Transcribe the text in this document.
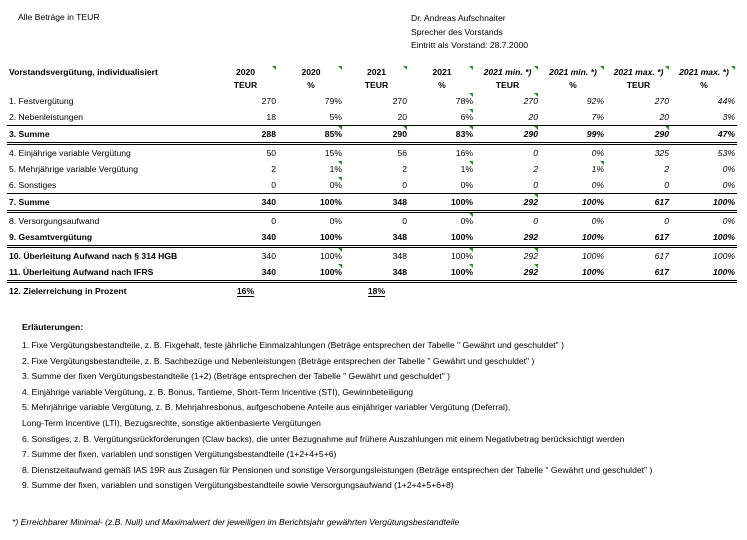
Alle Beträge in TEUR	Dr. Andreas Aufschnaiter
Sprecher des Vorstands
Eintritt als Vorstand: 28.7.2000
Vorstandsvergütung, individualisiert	2020	2020	2021	2021	2021 min. *)	2021 min. *)	2021 max. *)	2021 max. *)
	TEUR	%	TEUR	%	TEUR	%	TEUR	%
1. Festvergütung	270	79%	270	78%	270	92%	270	44%
2. Nebenleistungen	18	5%	20	6%	20	7%	20	3%
3. Summe	288	85%	290	83%	290	99%	290	47%
4. Einjährige variable Vergütung	50	15%	56	16%	0	0%	325	53%
5. Mehrjährige variable Vergütung	2	1%	2	1%	2	1%	2	0%
6. Sonstiges	0	0%	0	0%	0	0%	0	0%
7. Summe	340	100%	348	100%	292	100%	617	100%
8. Versorgungsaufwand	0	0%	0	0%	0	0%	0	0%
9. Gesamtvergütung	340	100%	348	100%	292	100%	617	100%
10. Überleitung Aufwand nach § 314 HGB	340	100%	348	100%	292	100%	617	100%
11. Überleitung Aufwand nach IFRS	340	100%	348	100%	292	100%	617	100%
12. Zielerreichung in Prozent	16%		18%					
Erläuterungen:
1. Fixe Vergütungsbestandteile, z. B. Fixgehalt, feste jährliche Einmalzahlungen (Beträge entsprechen der Tabelle " Gewährt und geschuldet" )
2. Fixe Vergütungsbestandteile, z. B. Sachbezüge und Nebenleistungen (Beträge entsprechen der Tabelle " Gewährt und geschuldet" )
3. Summe der fixen Vergütungsbestandteile (1+2) (Beträge entsprechen der Tabelle " Gewährt und geschuldet" )
4. Einjährige variable Vergütung, z. B. Bonus, Tantieme, Short-Term Incentive (STI), Gewinnbeteiligung
5. Mehrjährige variable Vergütung, z. B. Mehrjahresbonus, aufgeschobene Anteile aus einjähriger variabler Vergütung (Deferral),
Long-Term Incentive (LTI), Bezugsrechte, sonstige aktienbasierte Vergütungen
6. Sonstiges, z. B. Vergütungsrückforderungen (Claw backs), die unter Bezugnahme auf frühere Auszahlungen mit einem Negativbetrag berücksichtigt werden
7. Summe der fixen, variablen und sonstigen Vergütungsbestandteile (1+2+4+5+6)
8. Dienstzeitaufwand gemäß IAS 19R aus Zusagen für Pensionen und sonstige Versorgungsleistungen (Beträge entsprechen der Tabelle " Gewährt und geschuldet" )
9. Summe der fixen, variablen und sonstigen Vergütungsbestandteile sowie Versorgungsaufwand (1+2+4+5+6+8)
*) Erreichbarer Minimal- (z.B. Null) und Maximalwert der jeweiligen im Berichtsjahr gewährten Vergütungsbestandteile
